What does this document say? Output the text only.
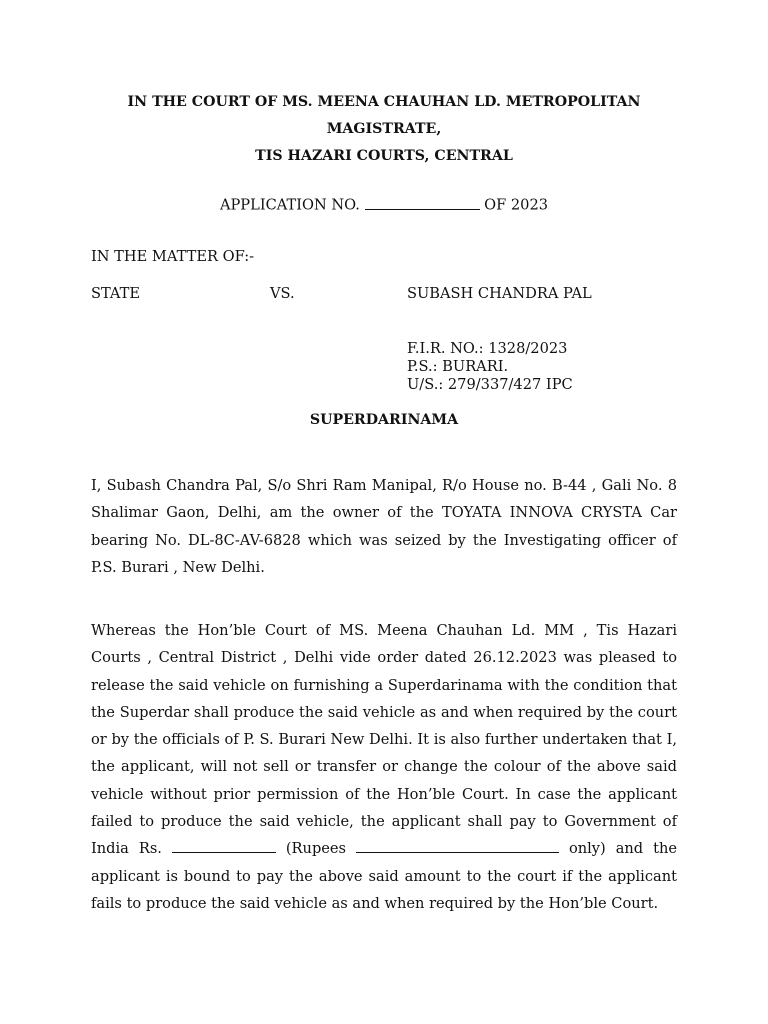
IN THE COURT OF MS. MEENA CHAUHAN LD. METROPOLITAN
MAGISTRATE,
TIS HAZARI COURTS, CENTRAL
APPLICATION NO.	OF 2023
IN THE MATTER OF:-
STATE	VS.	SUBASH CHANDRA PAL
F.I.R. NO.: 1328/2023
P.S.: BURARI.
U/S.: 279/337/427 IPC
SUPERDARINAMA

I, Subash Chandra Pal, S/o Shri Ram Manipal, R/o House no. B-44 , Gali No. 8 Shalimar Gaon, Delhi, am the owner of the TOYATA INNOVA CRYSTA Car bearing No. DL-8C-AV-6828 which was seized by the Investigating officer of P.S. Burari , New Delhi.

Whereas the Hon’ble Court of MS. Meena Chauhan Ld. MM , Tis Hazari Courts , Central District , Delhi vide order dated 26.12.2023 was pleased to release the said vehicle on furnishing a Superdarinama with the condition that the Superdar shall produce the said vehicle as and when required by the court or by the officials of P. S. Burari New Delhi. It is also further undertaken that I, the applicant, will not sell or transfer or change the colour of the above said vehicle without prior permission of the Hon’ble Court. In case the applicant failed to produce the said vehicle, the applicant shall pay to Government of India Rs.	(Rupees	only) and the applicant is bound to pay the above said amount to the court if the applicant fails to produce the said vehicle as and when required by the Hon’ble Court.
